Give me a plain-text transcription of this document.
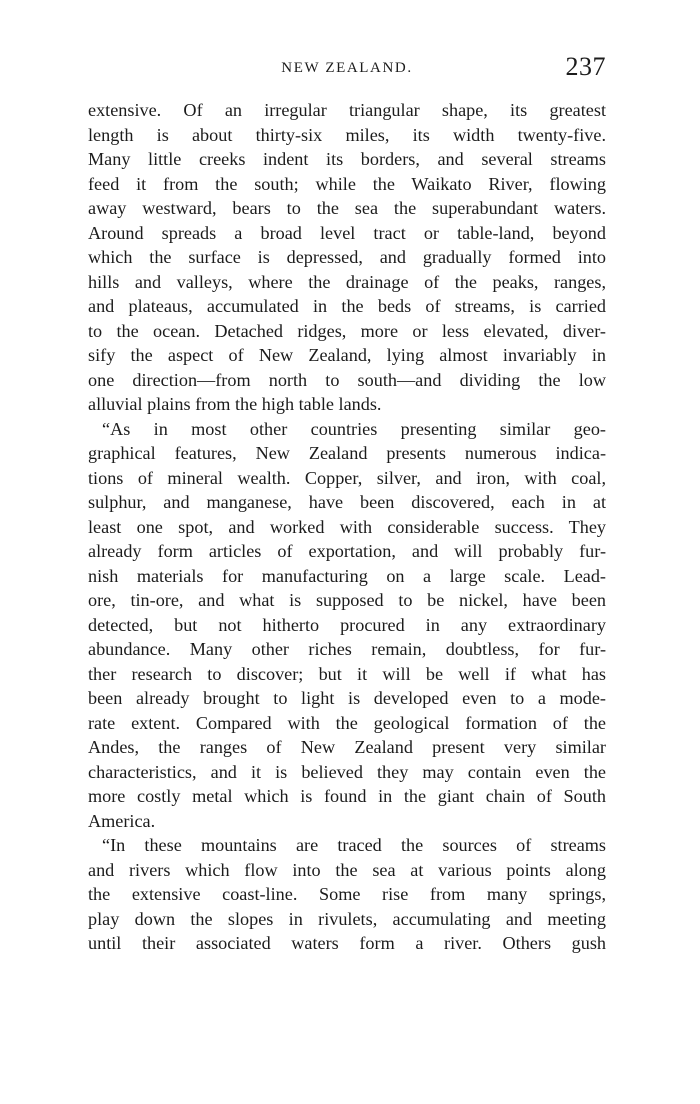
NEW ZEALAND.	237
extensive. Of an irregular triangular shape, its greatest
length is about thirty-six miles, its width twenty-five.
Many little creeks indent its borders, and several streams
feed it from the south; while the Waikato River, flowing
away westward, bears to the sea the superabundant waters.
Around spreads a broad level tract or table-land, beyond
which the surface is depressed, and gradually formed into
hills and valleys, where the drainage of the peaks, ranges,
and plateaus, accumulated in the beds of streams, is carried
to the ocean. Detached ridges, more or less elevated, diver-
sify the aspect of New Zealand, lying almost invariably in
one direction—from north to south—and dividing the low
alluvial plains from the high table lands.
“As in most other countries presenting similar geo-
graphical features, New Zealand presents numerous indica-
tions of mineral wealth. Copper, silver, and iron, with coal,
sulphur, and manganese, have been discovered, each in at
least one spot, and worked with considerable success. They
already form articles of exportation, and will probably fur-
nish materials for manufacturing on a large scale. Lead-
ore, tin-ore, and what is supposed to be nickel, have been
detected, but not hitherto procured in any extraordinary
abundance. Many other riches remain, doubtless, for fur-
ther research to discover; but it will be well if what has
been already brought to light is developed even to a mode-
rate extent. Compared with the geological formation of the
Andes, the ranges of New Zealand present very similar
characteristics, and it is believed they may contain even the
more costly metal which is found in the giant chain of South
America.
“In these mountains are traced the sources of streams
and rivers which flow into the sea at various points along
the extensive coast-line. Some rise from many springs,
play down the slopes in rivulets, accumulating and meeting
until their associated waters form a river. Others gush
